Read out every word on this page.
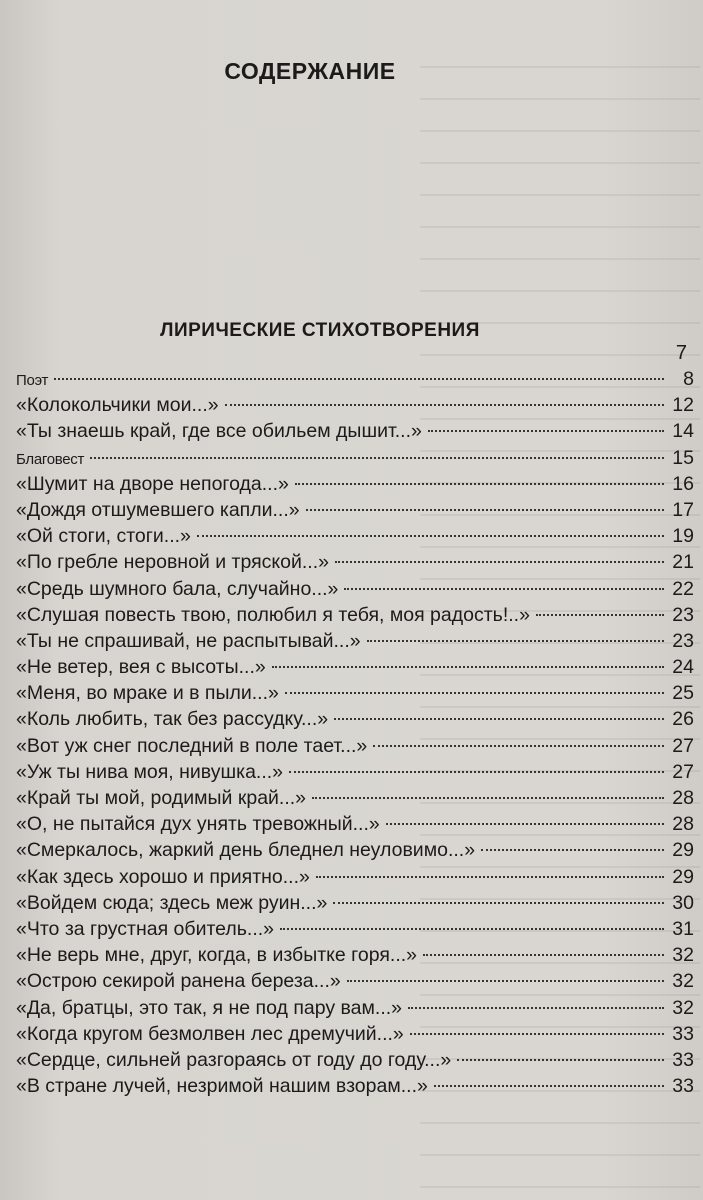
СОДЕРЖАНИЕ
ЛИРИЧЕСКИЕ СТИХОТВОРЕНИЯ
7
Поэт	8
«Колокольчики мои...»	12
«Ты знаешь край, где все обильем дышит...»	14
Благовест	15
«Шумит на дворе непогода...»	16
«Дождя отшумевшего капли...»	17
«Ой стоги, стоги...»	19
«По гребле неровной и тряской...»	21
«Средь шумного бала, случайно...»	22
«Слушая повесть твою, полюбил я тебя, моя радость!..»	23
«Ты не спрашивай, не распытывай...»	23
«Не ветер, вея с высоты...»	24
«Меня, во мраке и в пыли...»	25
«Коль любить, так без рассудку...»	26
«Вот уж снег последний в поле тает...»	27
«Уж ты нива моя, нивушка...»	27
«Край ты мой, родимый край...»	28
«О, не пытайся дух унять тревожный...»	28
«Смеркалось, жаркий день бледнел неуловимо...»	29
«Как здесь хорошо и приятно...»	29
«Войдем сюда; здесь меж руин...»	30
«Что за грустная обитель...»	31
«Не верь мне, друг, когда, в избытке горя...»	32
«Острою секирой ранена береза...»	32
«Да, братцы, это так, я не под пару вам...»	32
«Когда кругом безмолвен лес дремучий...»	33
«Сердце, сильней разгораясь от году до году...»	33
«В стране лучей, незримой нашим взорам...»	33
